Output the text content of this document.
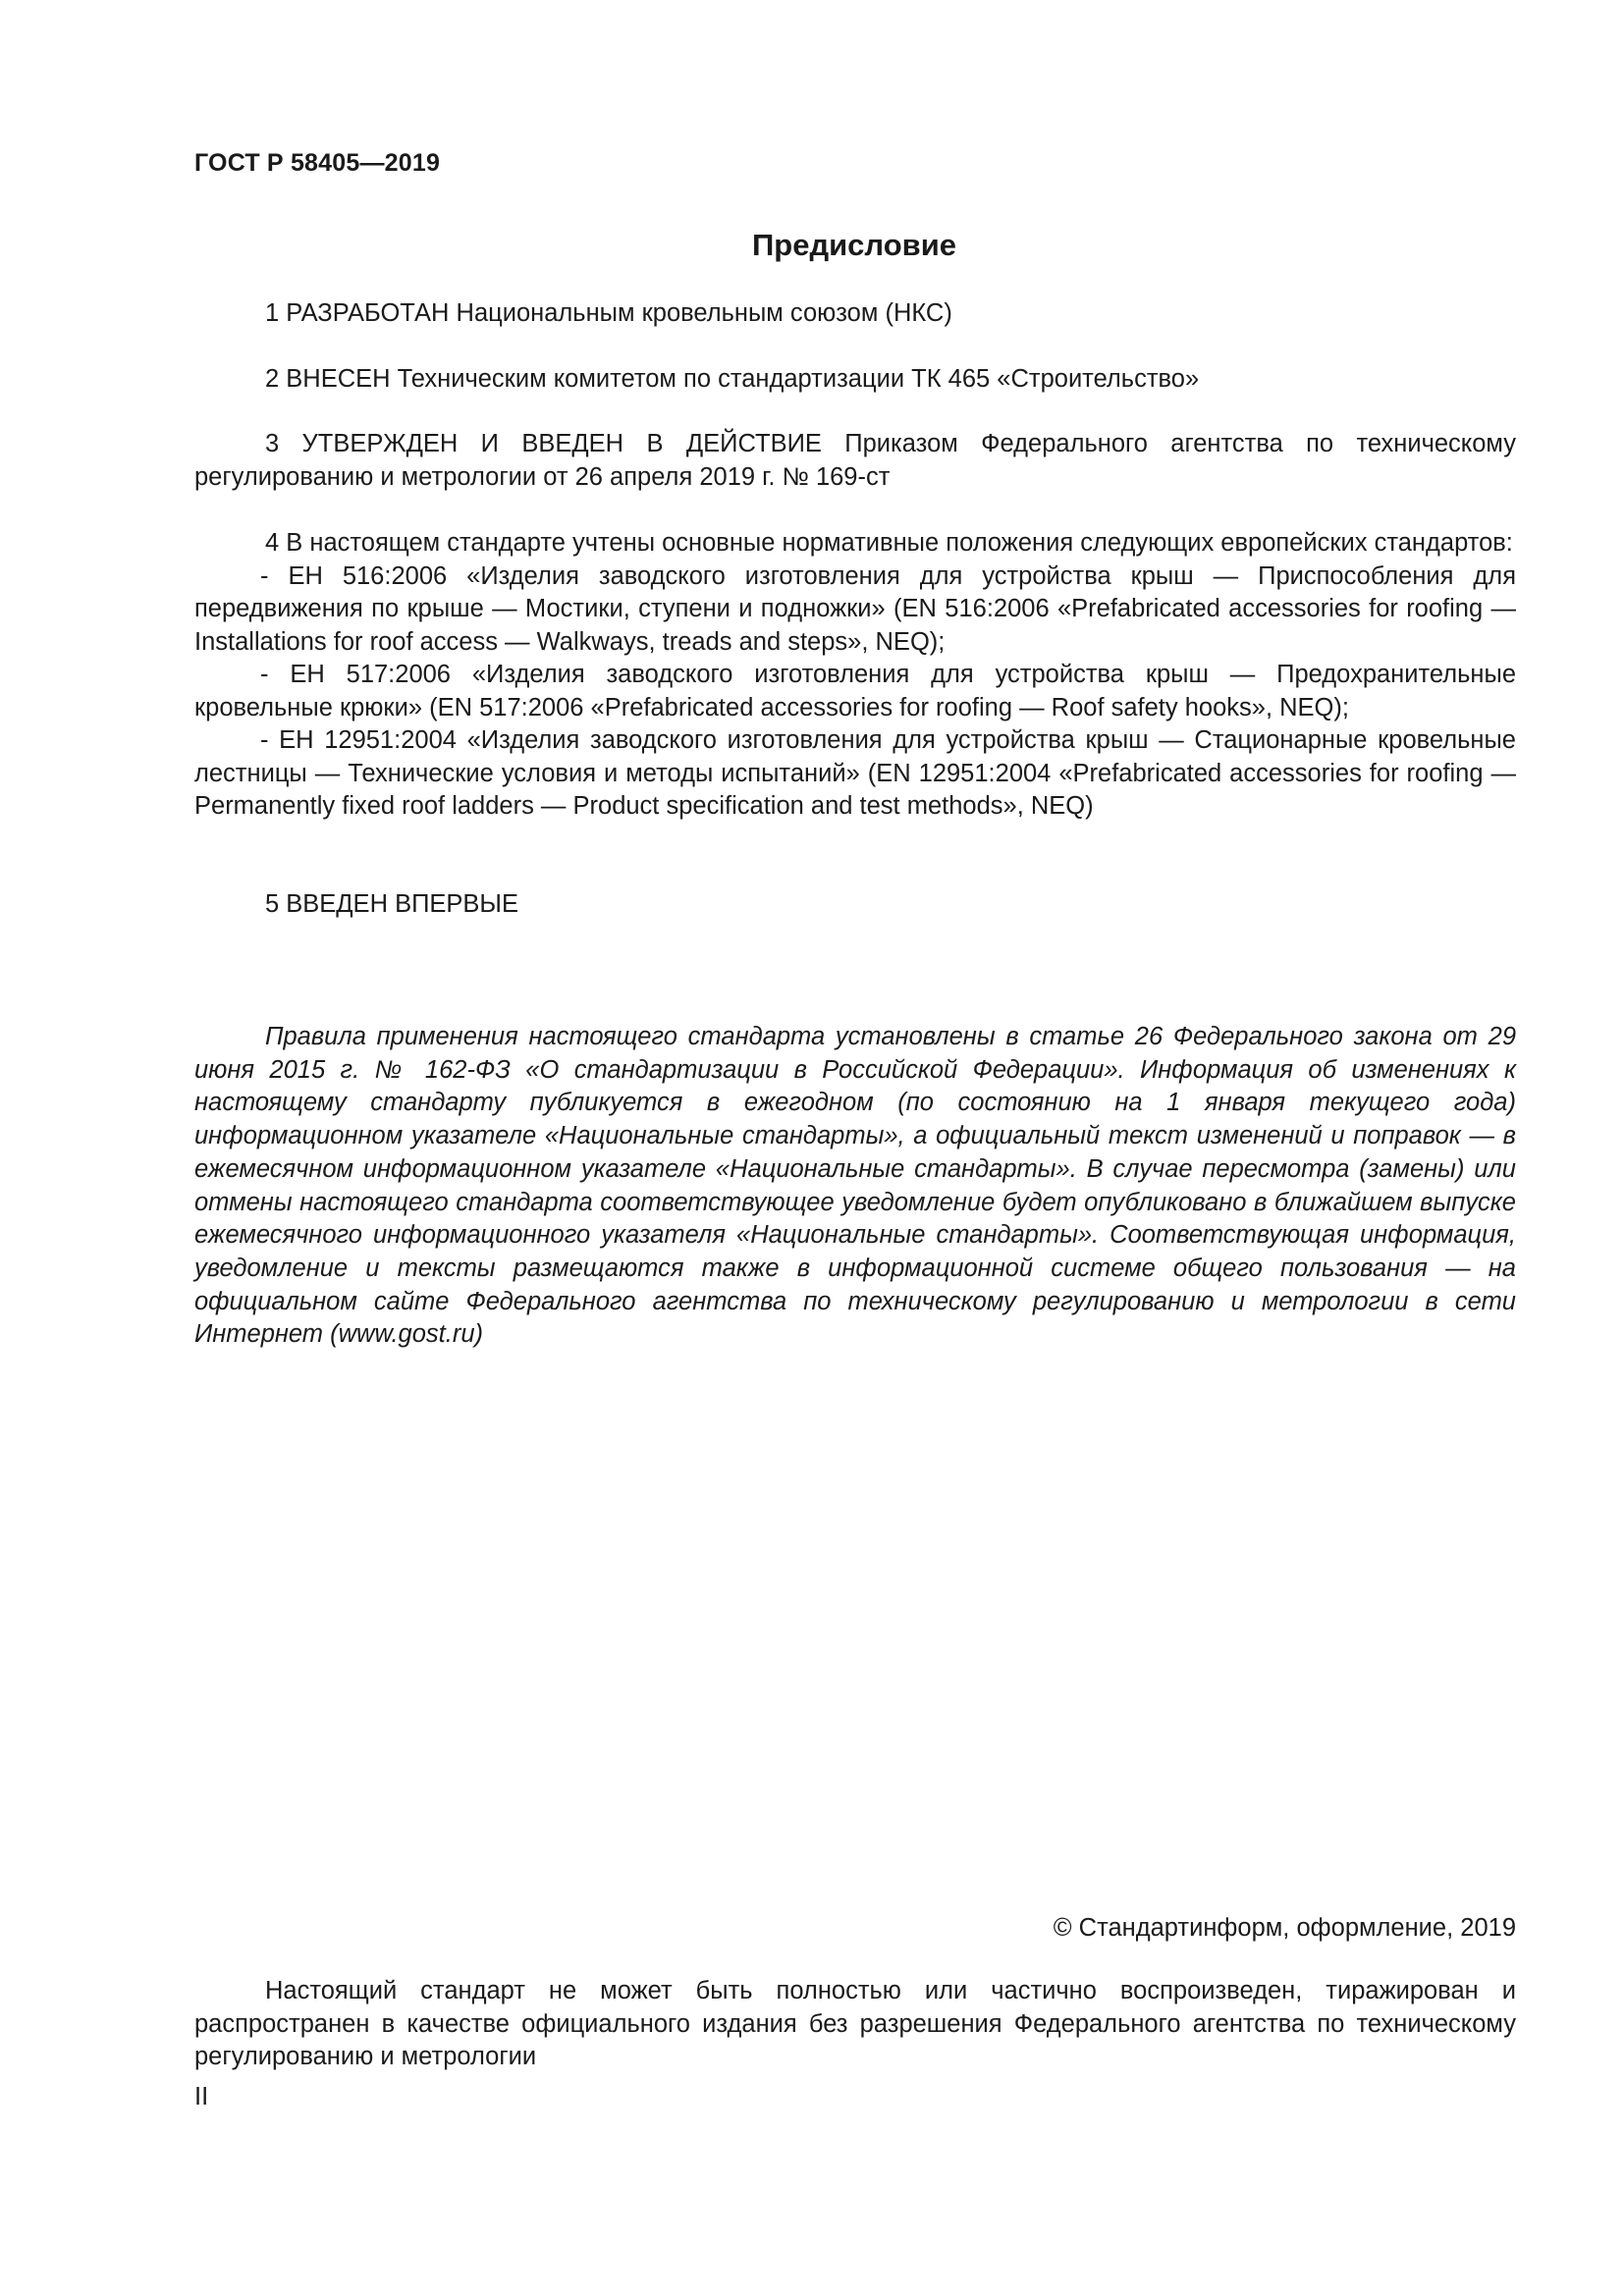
ГОСТ Р 58405—2019
Предисловие

1 РАЗРАБОТАН Национальным кровельным союзом (НКС)

2 ВНЕСЕН Техническим комитетом по стандартизации ТК 465 «Строительство»

3 УТВЕРЖДЕН И ВВЕДЕН В ДЕЙСТВИЕ Приказом Федерального агентства по техническому регулированию и метрологии от 26 апреля 2019 г. № 169-ст

4 В настоящем стандарте учтены основные нормативные положения следующих европейских стандартов:

- ЕН 516:2006 «Изделия заводского изготовления для устройства крыш — Приспособления для передвижения по крыше — Мостики, ступени и подножки» (EN 516:2006 «Prefabricated accessories for roofing — Installations for roof access — Walkways, treads and steps», NEQ);

- ЕН 517:2006 «Изделия заводского изготовления для устройства крыш — Предохранительные кровельные крюки» (EN 517:2006 «Prefabricated accessories for roofing — Roof safety hooks», NEQ);

- ЕН 12951:2004 «Изделия заводского изготовления для устройства крыш — Стационарные кровельные лестницы — Технические условия и методы испытаний» (EN 12951:2004 «Prefabricated accessories for roofing — Permanently fixed roof ladders — Product specification and test methods», NEQ)

5 ВВЕДЕН ВПЕРВЫЕ

Правила применения настоящего стандарта установлены в статье 26 Федерального закона от 29 июня 2015 г. № 162-ФЗ «О стандартизации в Российской Федерации». Информация об изменениях к настоящему стандарту публикуется в ежегодном (по состоянию на 1 января текущего года) информационном указателе «Национальные стандарты», а официальный текст изменений и поправок — в ежемесячном информационном указателе «Национальные стандарты». В случае пересмотра (замены) или отмены настоящего стандарта соответствующее уведомление будет опубликовано в ближайшем выпуске ежемесячного информационного указателя «Национальные стандарты». Соответствующая информация, уведомление и тексты размещаются также в информационной системе общего пользования — на официальном сайте Федерального агентства по техническому регулированию и метрологии в сети Интернет (www.gost.ru)

© Стандартинформ, оформление, 2019

Настоящий стандарт не может быть полностью или частично воспроизведен, тиражирован и распространен в качестве официального издания без разрешения Федерального агентства по техническому регулированию и метрологии

II
